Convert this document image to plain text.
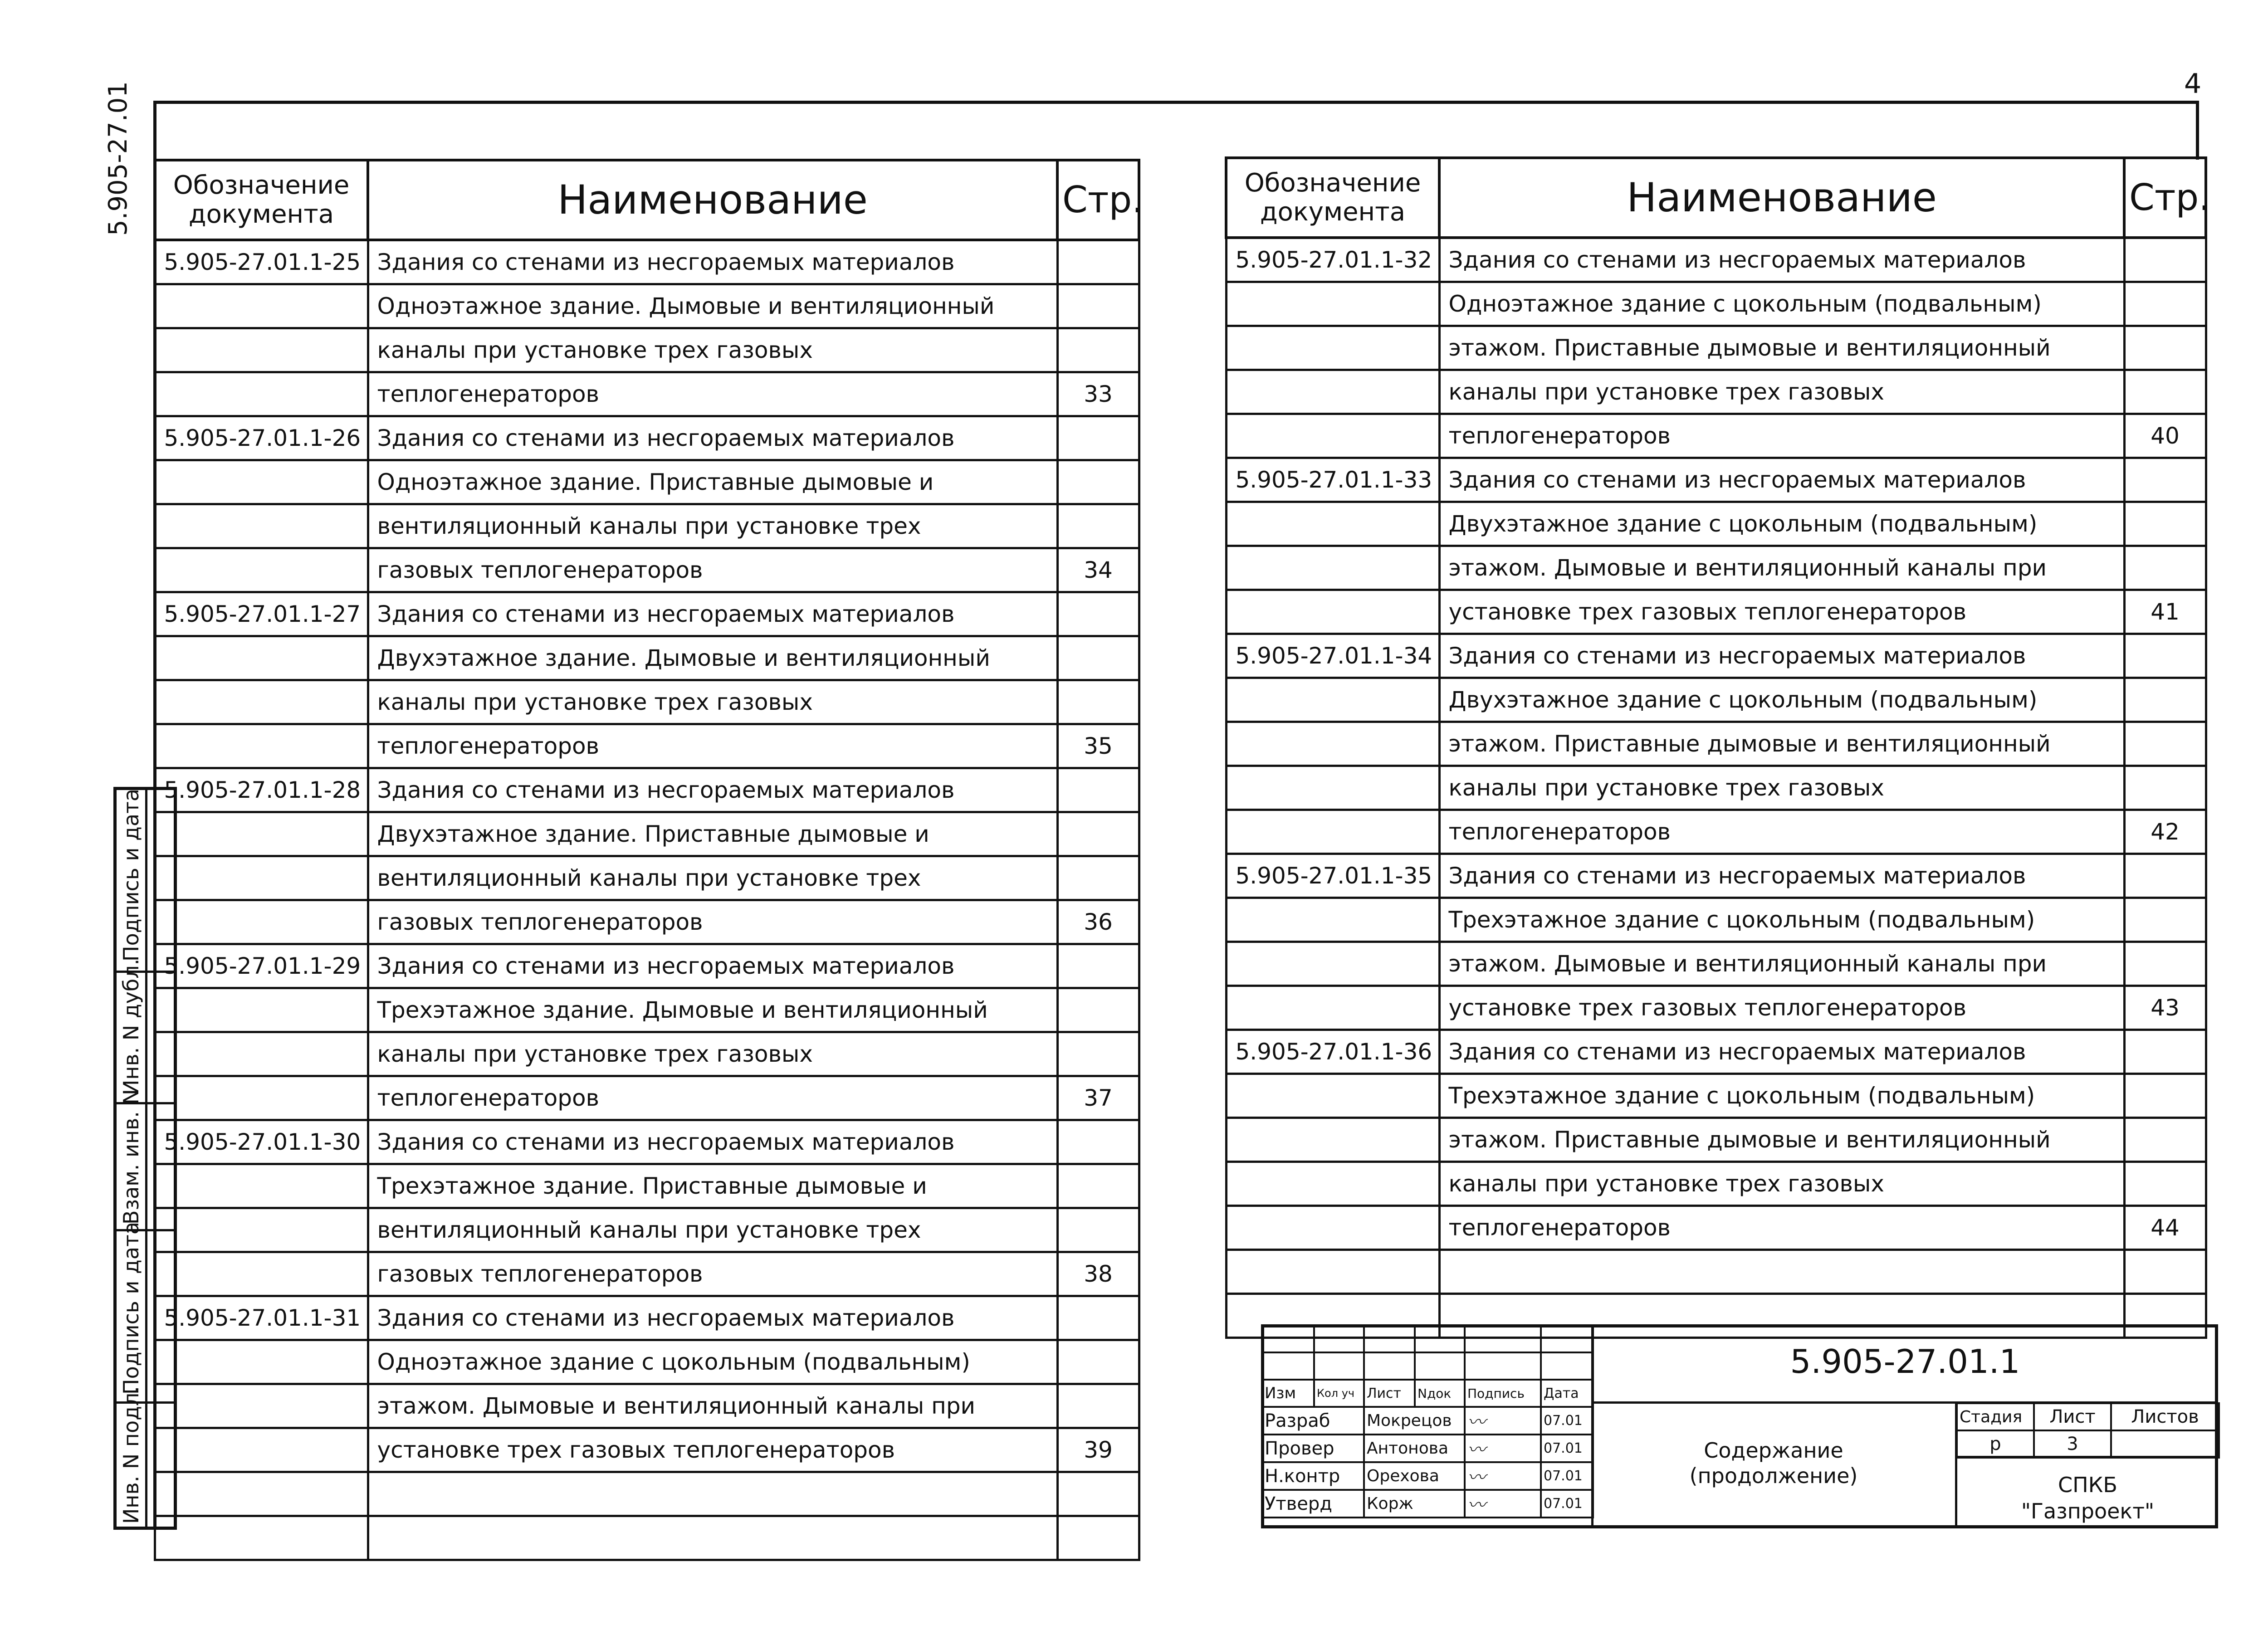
4
5.905-27.01
Подпись и дата
Инв. N дубл.
Взам. инв. N
Подпись и дата
Инв. N подл.
Обозначение документа	Наименование	Стр.
5.905-27.01.1-25	Здания со стенами из несгораемых материалов	
	Одноэтажное здание. Дымовые и вентиляционный	
	каналы при установке трех газовых	
	теплогенераторов	33
5.905-27.01.1-26	Здания со стенами из несгораемых материалов	
	Одноэтажное здание. Приставные дымовые и	
	вентиляционный каналы при установке трех	
	газовых теплогенераторов	34
5.905-27.01.1-27	Здания со стенами из несгораемых материалов	
	Двухэтажное здание. Дымовые и вентиляционный	
	каналы при установке трех газовых	
	теплогенераторов	35
5.905-27.01.1-28	Здания со стенами из несгораемых материалов	
	Двухэтажное здание. Приставные дымовые и	
	вентиляционный каналы при установке трех	
	газовых теплогенераторов	36
5.905-27.01.1-29	Здания со стенами из несгораемых материалов	
	Трехэтажное здание. Дымовые и вентиляционный	
	каналы при установке трех газовых	
	теплогенераторов	37
5.905-27.01.1-30	Здания со стенами из несгораемых материалов	
	Трехэтажное здание. Приставные дымовые и	
	вентиляционный каналы при установке трех	
	газовых теплогенераторов	38
5.905-27.01.1-31	Здания со стенами из несгораемых материалов	
	Одноэтажное здание с цокольным (подвальным)	
	этажом. Дымовые и вентиляционный каналы при	
	установке трех газовых теплогенераторов	39

Обозначение документа	Наименование	Стр.
5.905-27.01.1-32	Здания со стенами из несгораемых материалов	
	Одноэтажное здание с цокольным (подвальным)	
	этажом. Приставные дымовые и вентиляционный	
	каналы при установке трех газовых	
	теплогенераторов	40
5.905-27.01.1-33	Здания со стенами из несгораемых материалов	
	Двухэтажное здание с цокольным (подвальным)	
	этажом. Дымовые и вентиляционный каналы при	
	установке трех газовых теплогенераторов	41
5.905-27.01.1-34	Здания со стенами из несгораемых материалов	
	Двухэтажное здание с цокольным (подвальным)	
	этажом. Приставные дымовые и вентиляционный	
	каналы при установке трех газовых	
	теплогенераторов	42
5.905-27.01.1-35	Здания со стенами из несгораемых материалов	
	Трехэтажное здание с цокольным (подвальным)	
	этажом. Дымовые и вентиляционный каналы при	
	установке трех газовых теплогенераторов	43
5.905-27.01.1-36	Здания со стенами из несгораемых материалов	
	Трехэтажное здание с цокольным (подвальным)	
	этажом. Приставные дымовые и вентиляционный	
	каналы при установке трех газовых	
	теплогенераторов	44

Изм	Кол уч	Лист	Nдок	Подпись	Дата
Разраб		Мокрецов		〰	07.01
Провер		Антонова		〰	07.01
Н.контр		Орехова		〰	07.01
Утверд		Корж		〰	07.01
5.905-27.01.1
Содержание
(продолжение)
Стадия	Лист	Листов
р	3	
СПКБ
"Газпроект"
